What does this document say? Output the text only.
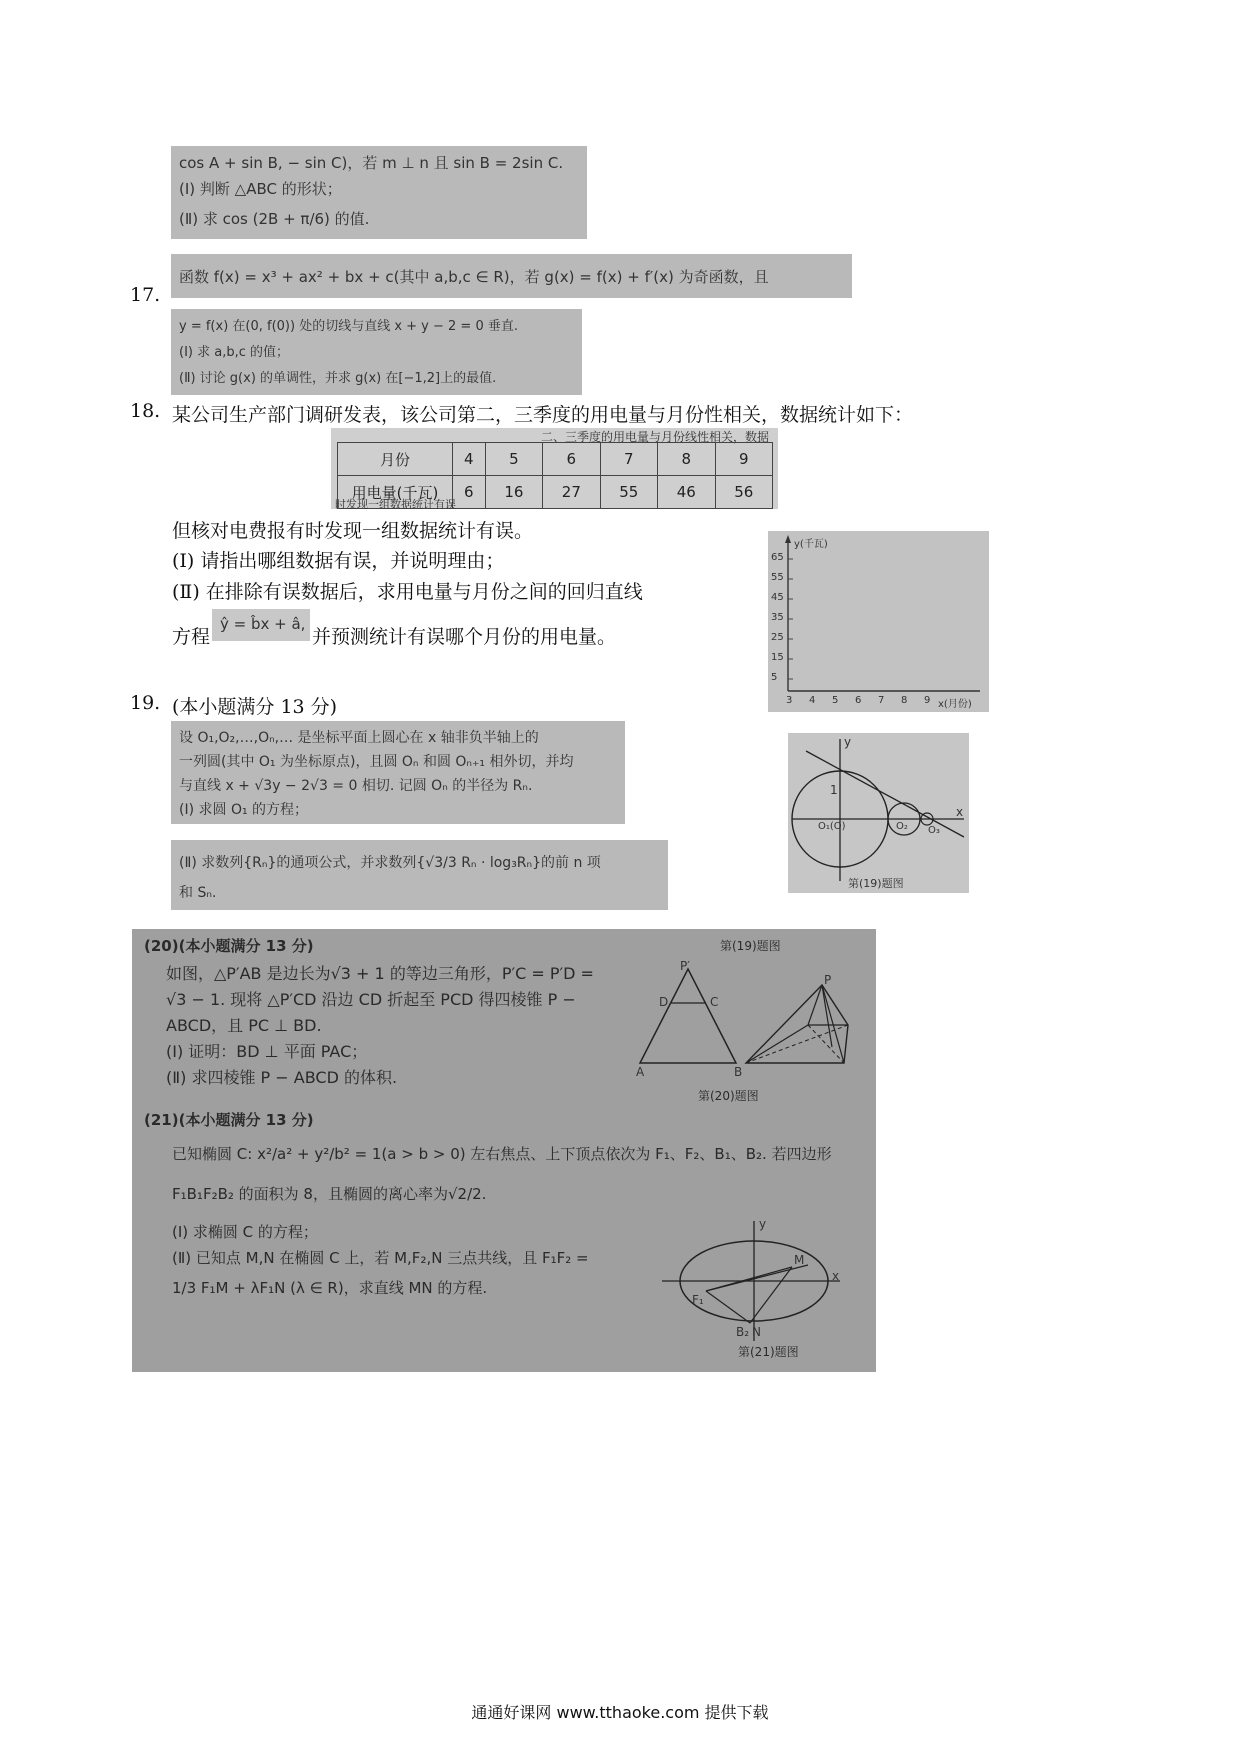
cos A + sin B, − sin C)，若 m ⊥ n 且 sin B = 2sin C.
(Ⅰ) 判断 △ABC 的形状；
(Ⅱ) 求 cos (2B + π/6) 的值.
17.
函数 f(x) = x³ + ax² + bx + c(其中 a,b,c ∈ R)，若 g(x) = f(x) + f′(x) 为奇函数，且
y = f(x) 在(0, f(0)) 处的切线与直线 x + y − 2 = 0 垂直.
(Ⅰ) 求 a,b,c 的值；
(Ⅱ) 讨论 g(x) 的单调性，并求 g(x) 在[−1,2]上的最值.
18. 某公司生产部门调研发表，该公司第二，三季度的用电量与月份性相关，数据统计如下：
二、三季度的用电量与月份线性相关，数据
月份	4	5	6	7	8	9
用电量(千瓦)	6	16	27	55	46	56
时发现一组数据统计有误
但核对电费报有时发现一组数据统计有误。
(Ⅰ) 请指出哪组数据有误，并说明理由；
(Ⅱ) 在排除有误数据后，求用电量与月份之间的回归直线
方程
ŷ = b̂x + â,
并预测统计有误哪个月份的用电量。
y(千瓦)
65
55
45
35
25
15
5
3 4 5 6 7 8 9 x(月份)
19. (本小题满分 13 分)
设 O₁,O₂,…,Oₙ,… 是坐标平面上圆心在 x 轴非负半轴上的
一列圆(其中 O₁ 为坐标原点)，且圆 Oₙ 和圆 Oₙ₊₁ 相外切，并均
与直线 x + √3y − 2√3 = 0 相切. 记圆 Oₙ 的半径为 Rₙ.
(Ⅰ) 求圆 O₁ 的方程；
(Ⅱ) 求数列{Rₙ}的通项公式，并求数列{√3/3 Rₙ · log₃Rₙ}的前 n 项
和 Sₙ.
y
x
1
O₁(O)	O₂ O₃
第(19)题图
(20)(本小题满分 13 分)	第(19)题图
如图，△P′AB 是边长为√3 + 1 的等边三角形，P′C = P′D =
√3 − 1. 现将 △P′CD 沿边 CD 折起至 PCD 得四棱锥 P −
ABCD，且 PC ⊥ BD.
(Ⅰ) 证明：BD ⊥ 平面 PAC；
(Ⅱ) 求四棱锥 P − ABCD 的体积.
P′
D	C
A	B
P
第(20)题图
(21)(本小题满分 13 分)
已知椭圆 C: x²/a² + y²/b² = 1(a > b > 0) 左右焦点、上下顶点依次为 F₁、F₂、B₁、B₂. 若四边形
F₁B₁F₂B₂ 的面积为 8，且椭圆的离心率为√2/2.
(Ⅰ) 求椭圆 C 的方程；
(Ⅱ) 已知点 M,N 在椭圆 C 上，若 M,F₂,N 三点共线，且 F₁F₂ =
1/3 F₁M + λF₁N (λ ∈ R)，求直线 MN 的方程.
y
x
M
N
F₁
B₂
第(21)题图
通通好课网 www.tthaoke.com 提供下载
